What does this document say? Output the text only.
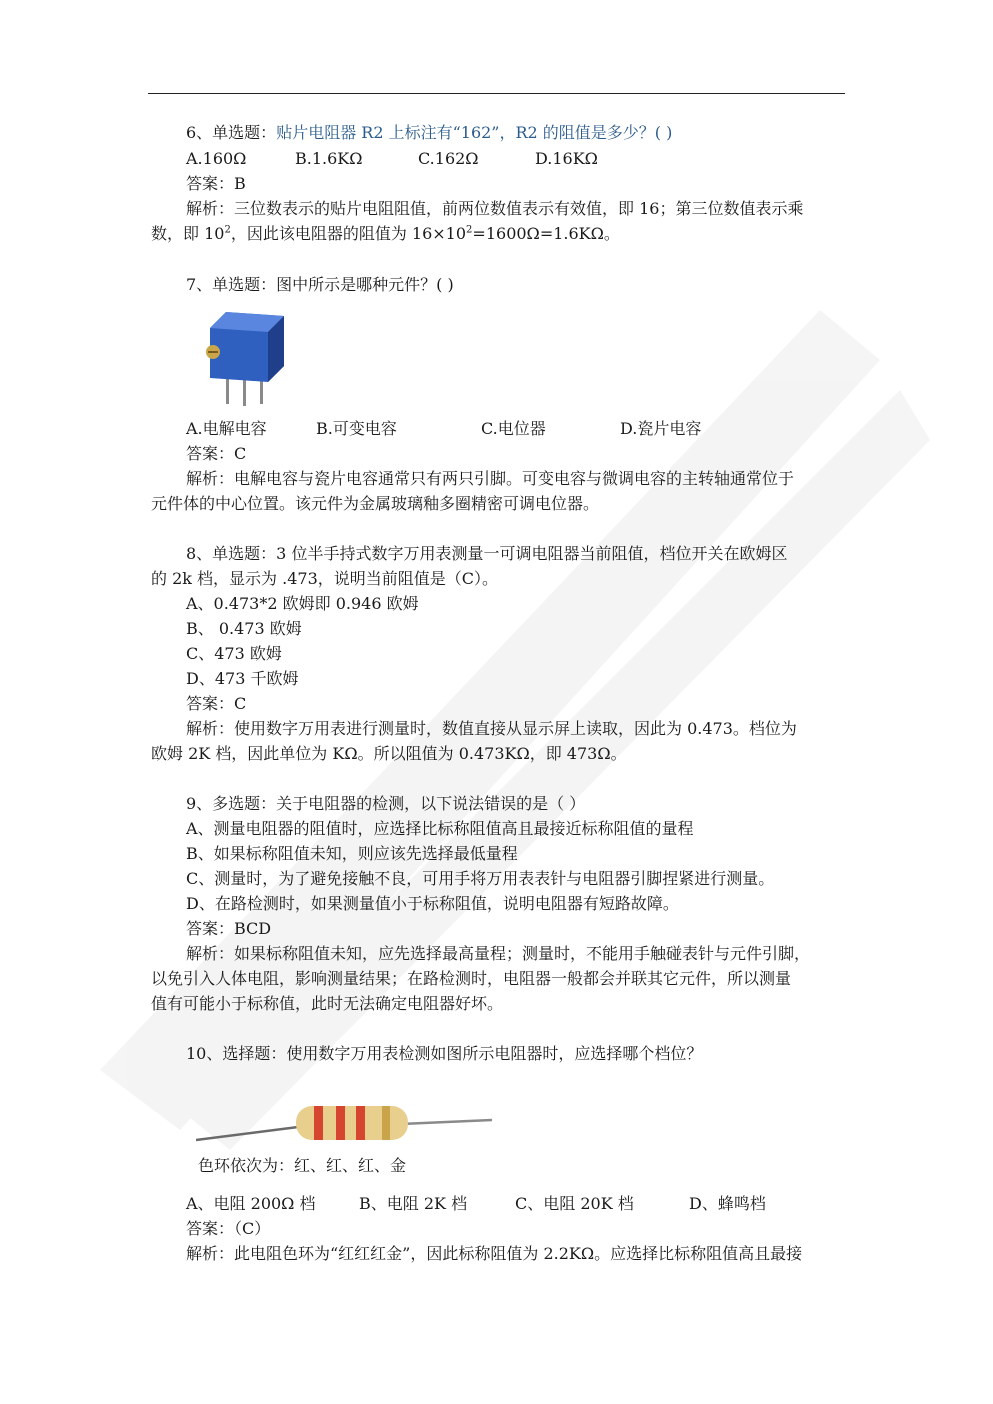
6、单选题：贴片电阻器 R2 上标注有“162”，R2 的阻值是多少？( )
A.160Ω	B.1.6KΩ	C.162Ω	D.16KΩ
答案：B
解析：三位数表示的贴片电阻阻值，前两位数值表示有效值，即 16；第三位数值表示乘
数，即 $10^2$，因此该电阻器的阻值为 $16\times 10^2=1600\Omega=1.6K\Omega$。
7、单选题：图中所示是哪种元件？( )
A.电解电容	B.可变电容	C.电位器	D.瓷片电容
答案：C
解析：电解电容与瓷片电容通常只有两只引脚。可变电容与微调电容的主转轴通常位于
元件体的中心位置。该元件为金属玻璃釉多圈精密可调电位器。
8、单选题：3 位半手持式数字万用表测量一可调电阻器当前阻值，档位开关在欧姆区
的 2k 档，显示为 .473，说明当前阻值是（C）。
A、0.473*2 欧姆即 0.946 欧姆
B、 0.473 欧姆
C、473 欧姆
D、473 千欧姆
答案：C
解析：使用数字万用表进行测量时，数值直接从显示屏上读取，因此为 0.473。档位为
欧姆 2K 档，因此单位为 KΩ。所以阻值为 0.473KΩ，即 473Ω。
9、多选题：关于电阻器的检测，以下说法错误的是（ ）
A、测量电阻器的阻值时，应选择比标称阻值高且最接近标称阻值的量程
B、如果标称阻值未知，则应该先选择最低量程
C、测量时，为了避免接触不良，可用手将万用表表针与电阻器引脚捏紧进行测量。
D、在路检测时，如果测量值小于标称阻值，说明电阻器有短路故障。
答案：BCD
解析：如果标称阻值未知，应先选择最高量程；测量时，不能用手触碰表针与元件引脚，
以免引入人体电阻，影响测量结果；在路检测时，电阻器一般都会并联其它元件，所以测量
值有可能小于标称值，此时无法确定电阻器好坏。
10、选择题：使用数字万用表检测如图所示电阻器时，应选择哪个档位？
色环依次为：红、红、红、金
A、电阻 200Ω 档	B、电阻 2K 档	C、电阻 20K 档	D、蜂鸣档
答案：（C）
解析：此电阻色环为“红红红金”，因此标称阻值为 2.2KΩ。应选择比标称阻值高且最接
